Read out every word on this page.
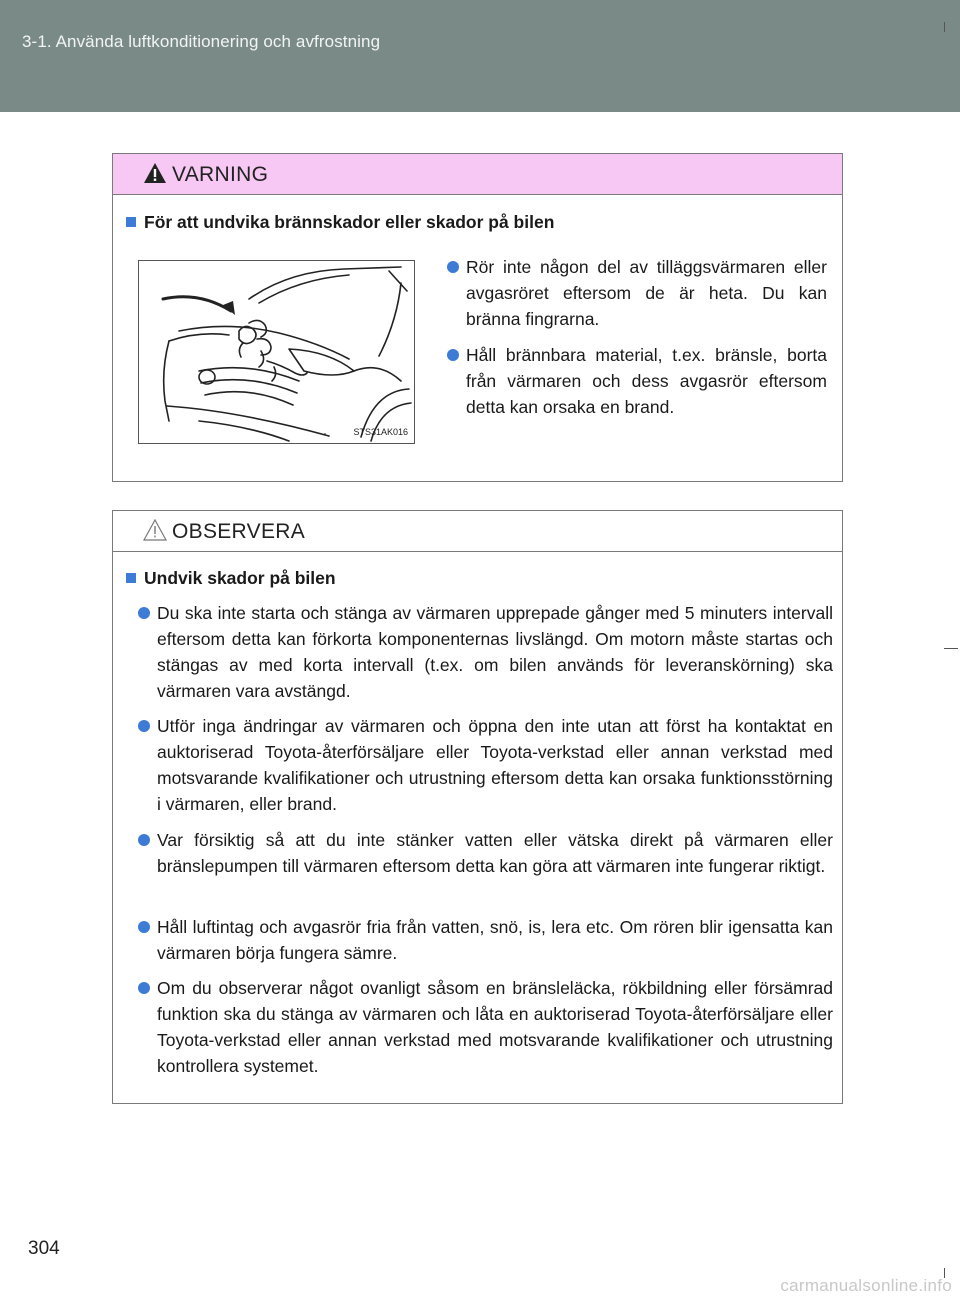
3-1. Använda luftkonditionering och avfrostning
VARNING
För att undvika brännskador eller skador på bilen
STS31AK016
Rör inte någon del av tilläggsvärmaren eller avgasröret eftersom de är heta. Du kan bränna fingrarna.
Håll brännbara material, t.ex. bränsle, borta från värmaren och dess avgasrör eftersom detta kan orsaka en brand.
OBSERVERA
Undvik skador på bilen
Du ska inte starta och stänga av värmaren upprepade gånger med 5 minuters intervall eftersom detta kan förkorta komponenternas livslängd. Om motorn måste startas och stängas av med korta intervall (t.ex. om bilen används för leveranskörning) ska värmaren vara avstängd.
Utför inga ändringar av värmaren och öppna den inte utan att först ha kontaktat en auktoriserad Toyota-återförsäljare eller Toyota-verkstad eller annan verkstad med motsvarande kvalifikationer och utrustning eftersom detta kan orsaka funktionsstörning i värmaren, eller brand.
Var försiktig så att du inte stänker vatten eller vätska direkt på värmaren eller bränslepumpen till värmaren eftersom detta kan göra att värmaren inte fungerar riktigt.
Håll luftintag och avgasrör fria från vatten, snö, is, lera etc. Om rören blir igensatta kan värmaren börja fungera sämre.
Om du observerar något ovanligt såsom en bränsleläcka, rökbildning eller försämrad funktion ska du stänga av värmaren och låta en auktoriserad Toyota-återförsäljare eller Toyota-verkstad eller annan verkstad med motsvarande kvalifikationer och utrustning kontrollera systemet.
304
carmanualsonline.info
